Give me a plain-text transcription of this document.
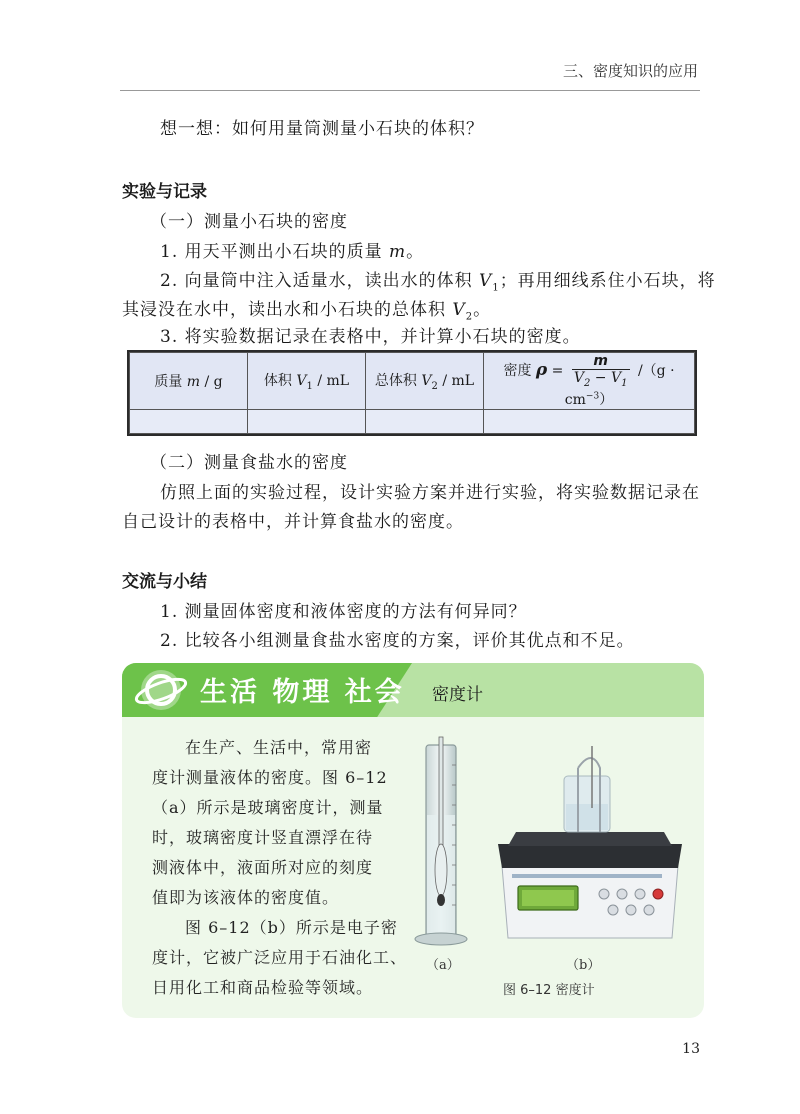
三、密度知识的应用
想一想：如何用量筒测量小石块的体积？
实验与记录
（一）测量小石块的密度
1. 用天平测出小石块的质量 m。
2. 向量筒中注入适量水，读出水的体积 $V_1$；再用细线系住小石块，将
其浸没在水中，读出水和小石块的总体积 $V_2$。
3. 将实验数据记录在表格中，并计算小石块的密度。
质量 m / g	体积 $V_1$ / mL	总体积 $V_2$ / mL	密度 $\rho = \frac{m}{V_2 - V_1} /(g \cdot cm^{-3})$

（二）测量食盐水的密度
仿照上面的实验过程，设计实验方案并进行实验，将实验数据记录在
自己设计的表格中，并计算食盐水的密度。
交流与小结
1. 测量固体密度和液体密度的方法有何异同？
2. 比较各小组测量食盐水密度的方案，评价其优点和不足。
生活 物理 社会 密度计
在生产、生活中，常用密
度计测量液体的密度。图 6–12
（a）所示是玻璃密度计，测量
时，玻璃密度计竖直漂浮在待
测液体中，液面所对应的刻度
值即为该液体的密度值。
图 6–12（b）所示是电子密
度计，它被广泛应用于石油化工、
日用化工和商品检验等领域。
（a）	（b）
图 6–12 密度计
13
